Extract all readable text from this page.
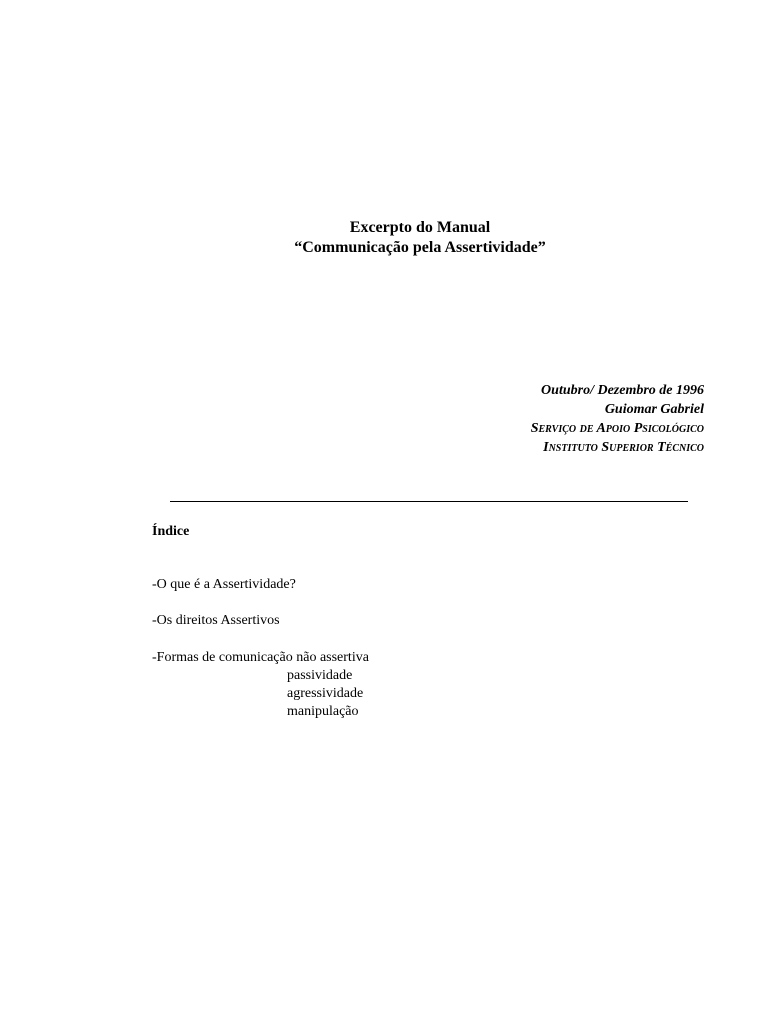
Excerpto do Manual
“Communicação pela Assertividade”
Outubro/ Dezembro de 1996
Guiomar Gabriel
Serviço de Apoio Psicológico
Instituto Superior Técnico
Índice
-O que é a Assertividade?
-Os direitos Assertivos
-Formas de comunicação não assertiva
passividade
agressividade
manipulação
